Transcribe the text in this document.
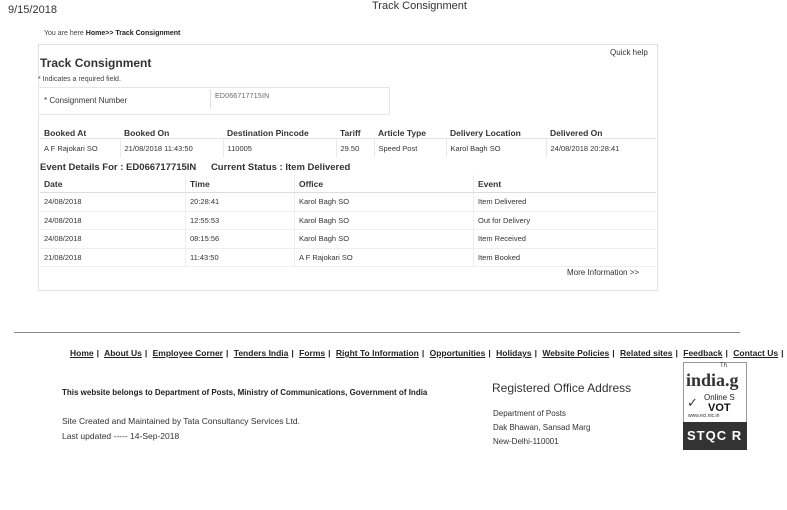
9/15/2018	Track Consignment
You are here Home>> Track Consignment
Quick help
Track Consignment
* Indicates a required field.
* Consignment Number	ED066717715IN
Booked At	Booked On	Destination Pincode	Tariff	Article Type	Delivery Location	Delivered On
A F Rajokari SO	21/08/2018 11:43:50	110005	29.50	Speed Post	Karol Bagh SO	24/08/2018 20:28:41
Event Details For : ED066717715IN Current Status : Item Delivered
Date	Time	Office	Event
24/08/2018	20:28:41	Karol Bagh SO	Item Delivered
24/08/2018	12:55:53	Karol Bagh SO	Out for Delivery
24/08/2018	08:15:56	Karol Bagh SO	Item Received
21/08/2018	11:43:50	A F Rajokari SO	Item Booked
More Information >>
Home | About Us | Employee Corner | Tenders India | Forms | Right To Information | Opportunities | Holidays | Website Policies | Related sites | Feedback | Contact Us |
This website belongs to Department of Posts, Ministry of Communications, Government of India
Site Created and Maintained by Tata Consultancy Services Ltd.
Last updated ----- 14-Sep-2018
Registered Office Address
Department of Posts
Dak Bhawan, Sansad Marg
New-Delhi-110001
Th
india.g
✓ Online S
VOT
www.eci.nic.in
STQC R
